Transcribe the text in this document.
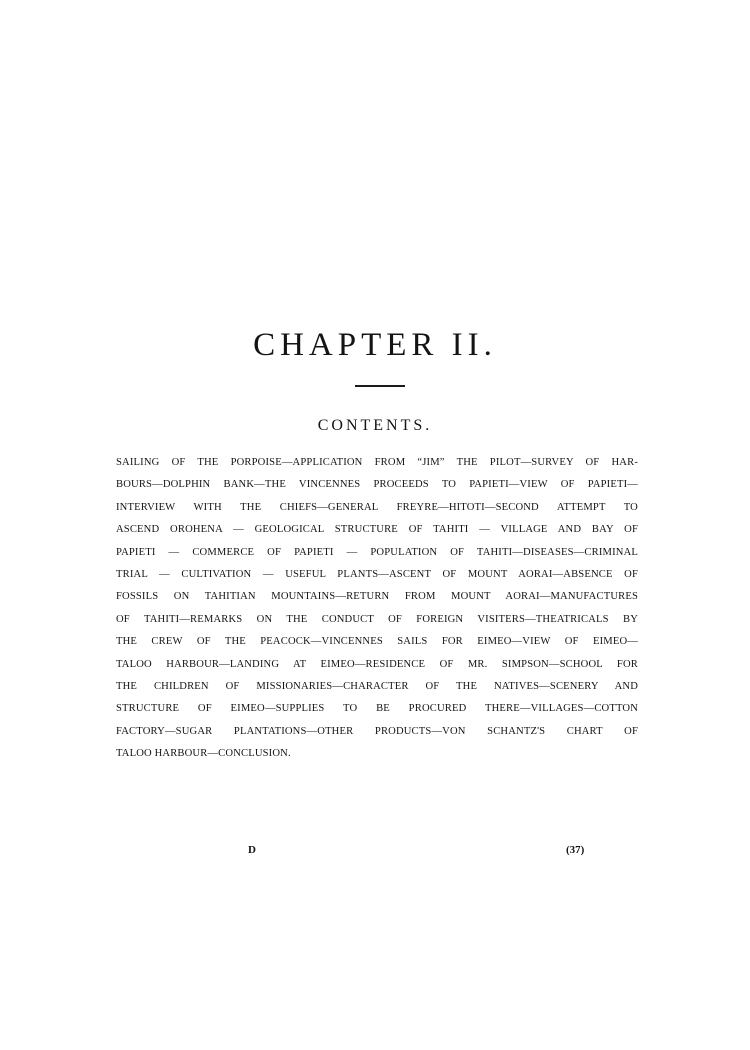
CHAPTER II.
CONTENTS.
SAILING OF THE PORPOISE—APPLICATION FROM “JIM” THE PILOT—SURVEY OF HAR-
BOURS—DOLPHIN BANK—THE VINCENNES PROCEEDS TO PAPIETI—VIEW OF PAPIETI—
INTERVIEW WITH THE CHIEFS—GENERAL FREYRE—HITOTI—SECOND ATTEMPT TO
ASCEND OROHENA — GEOLOGICAL STRUCTURE OF TAHITI — VILLAGE AND BAY OF
PAPIETI — COMMERCE OF PAPIETI — POPULATION OF TAHITI—DISEASES—CRIMINAL
TRIAL — CULTIVATION — USEFUL PLANTS—ASCENT OF MOUNT AORAI—ABSENCE OF
FOSSILS ON TAHITIAN MOUNTAINS—RETURN FROM MOUNT AORAI—MANUFACTURES
OF TAHITI—REMARKS ON THE CONDUCT OF FOREIGN VISITERS—THEATRICALS BY
THE CREW OF THE PEACOCK—VINCENNES SAILS FOR EIMEO—VIEW OF EIMEO—
TALOO HARBOUR—LANDING AT EIMEO—RESIDENCE OF MR. SIMPSON—SCHOOL FOR
THE CHILDREN OF MISSIONARIES—CHARACTER OF THE NATIVES—SCENERY AND
STRUCTURE OF EIMEO—SUPPLIES TO BE PROCURED THERE—VILLAGES—COTTON
FACTORY—SUGAR PLANTATIONS—OTHER PRODUCTS—VON SCHANTZ'S CHART OF
TALOO HARBOUR—CONCLUSION.
D	(37)
